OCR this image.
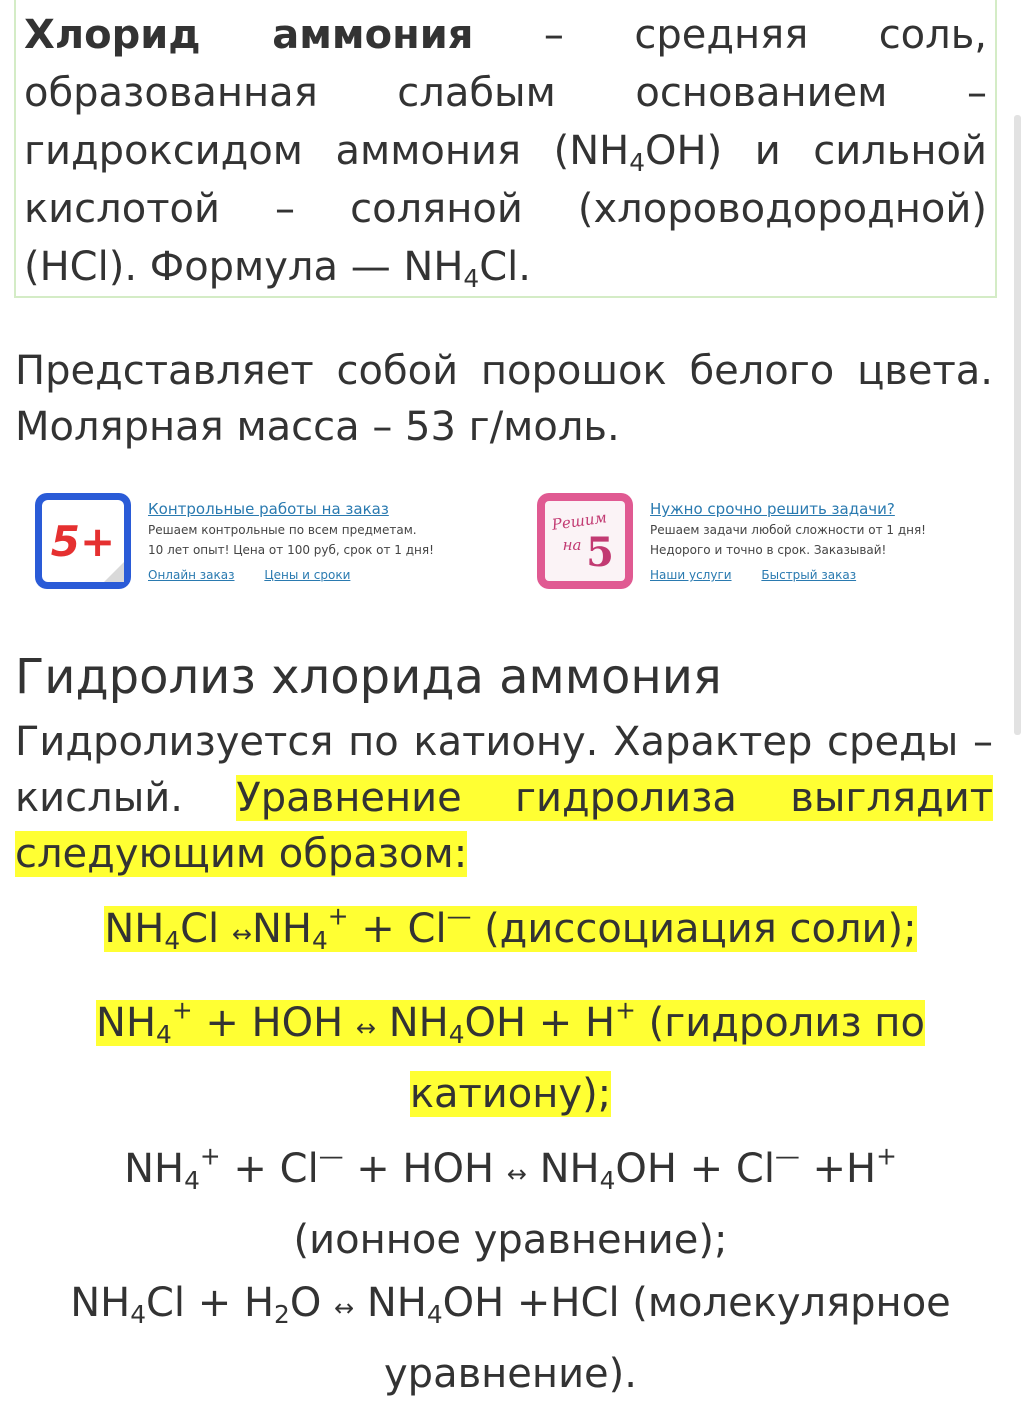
Хлорид аммония – средняя соль,
образованная слабым основанием –
гидроксидом аммония $(NH_4OH)$ и сильной
кислотой – соляной (хлороводородной)
(HCl). Формула — $NH_4Cl$.
Представляет собой порошок белого цвета.
Молярная масса – 53 г/моль.
5+
Контрольные работы на заказ
Решаем контрольные по всем предметам.
10 лет опыт! Цена от 100 руб, срок от 1 дня!
Онлайн заказ Цены и сроки
Решим
на 5
Нужно срочно решить задачи?
Решаем задачи любой сложности от 1 дня!
Недорого и точно в срок. Заказывай!
Наши услуги Быстрый заказ
Гидролиз хлорида аммония
Гидролизуется по катиону. Характер среды –
кислый. Уравнение гидролиза выглядит
следующим образом:
$NH_4Cl$ $\leftrightarrow NH_4^+ + Cl^—$ (диссоциация соли);
$NH_4^+$ + HOH ↔ $NH_4OH + H^+$ (гидролиз по
катиону);
$NH_4^+ + Cl^—$ + HOH ↔ $NH_4OH + Cl^— +H^+$
(ионное уравнение);
$NH_4Cl + H_2O$ ↔ $NH_4OH +HCl$ (молекулярное
уравнение).
